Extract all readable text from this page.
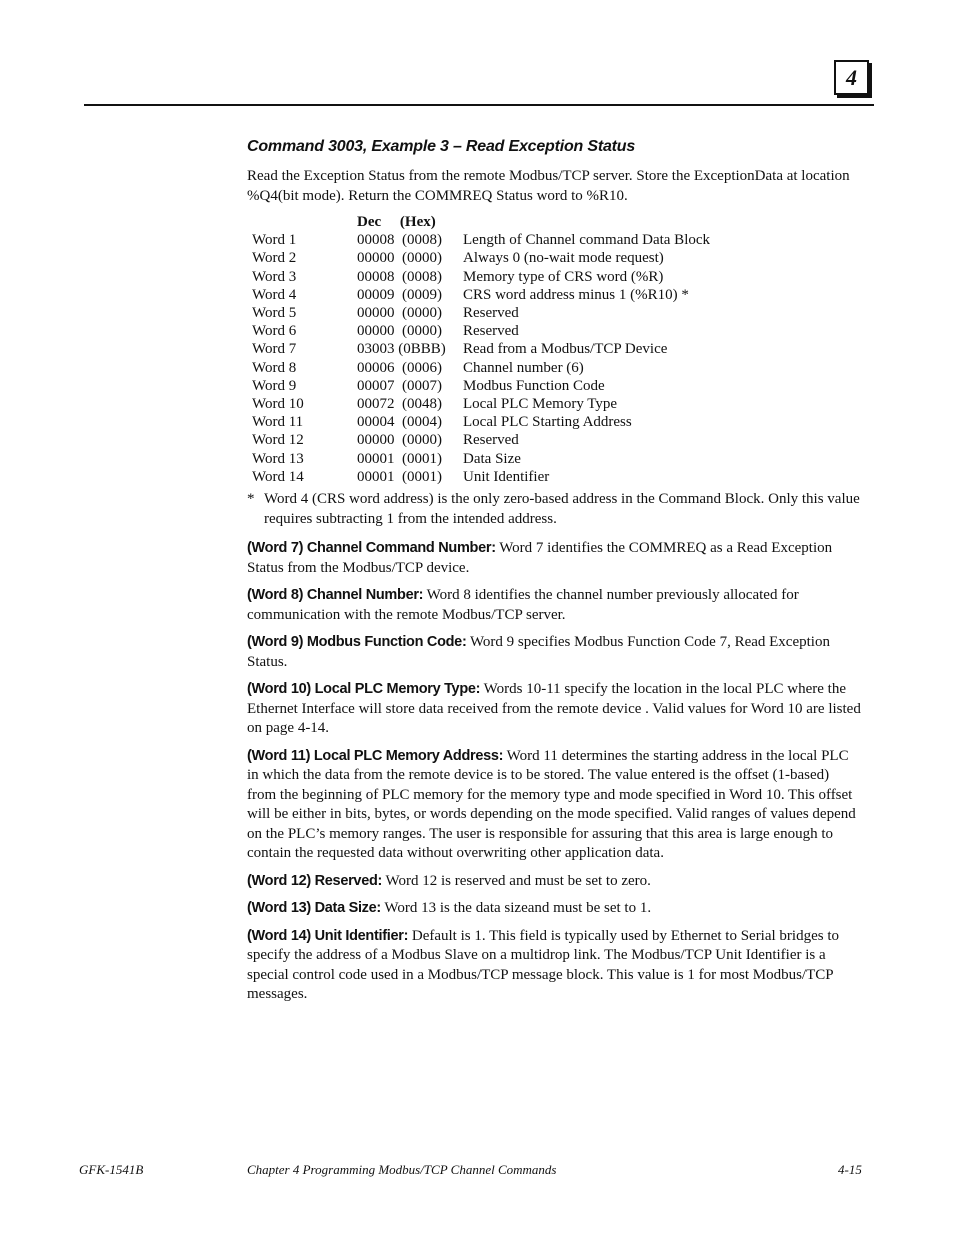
4
Command 3003, Example 3 – Read Exception Status

Read the Exception Status from the remote Modbus/TCP server. Store the ExceptionData at location %Q4(bit mode). Return the COMMREQ Status word to %R10.

	Dec (Hex)	
Word 1	00008  (0008)	Length of Channel command Data Block
Word 2	00000  (0000)	Always 0 (no-wait mode request)
Word 3	00008  (0008)	Memory type of CRS word (%R)
Word 4	00009  (0009)	CRS word address minus 1 (%R10) *
Word 5	00000  (0000)	Reserved
Word 6	00000  (0000)	Reserved
Word 7	03003 (0BBB)	Read from a Modbus/TCP Device
Word 8	00006  (0006)	Channel number (6)
Word 9	00007  (0007)	Modbus Function Code
Word 10	00072  (0048)	Local PLC Memory Type
Word 11	00004  (0004)	Local PLC Starting Address
Word 12	00000  (0000)	Reserved
Word 13	00001  (0001)	Data Size
Word 14	00001  (0001)	Unit Identifier
* Word 4 (CRS word address) is the only zero-based address in the Command Block. Only this value requires subtracting 1 from the intended address.

(Word 7) Channel Command Number: Word 7 identifies the COMMREQ as a Read Exception Status from the Modbus/TCP device.

(Word 8) Channel Number: Word 8 identifies the channel number previously allocated for communication with the remote Modbus/TCP server.

(Word 9) Modbus Function Code: Word 9 specifies Modbus Function Code 7, Read Exception Status.

(Word 10) Local PLC Memory Type: Words 10-11 specify the location in the local PLC where the Ethernet Interface will store data received from the remote device . Valid values for Word 10 are listed on page 4-14.

(Word 11) Local PLC Memory Address: Word 11 determines the starting address in the local PLC in which the data from the remote device is to be stored. The value entered is the offset (1-based) from the beginning of PLC memory for the memory type and mode specified in Word 10. This offset will be either in bits, bytes, or words depending on the mode specified. Valid ranges of values depend on the PLC’s memory ranges. The user is responsible for assuring that this area is large enough to contain the requested data without overwriting other application data.

(Word 12) Reserved: Word 12 is reserved and must be set to zero.

(Word 13) Data Size: Word 13 is the data sizeand must be set to 1.

(Word 14) Unit Identifier: Default is 1. This field is typically used by Ethernet to Serial bridges to specify the address of a Modbus Slave on a multidrop link. The Modbus/TCP Unit Identifier is a special control code used in a Modbus/TCP message block. This value is 1 for most Modbus/TCP messages.

GFK-1541B	Chapter 4 Programming Modbus/TCP Channel Commands	4-15
